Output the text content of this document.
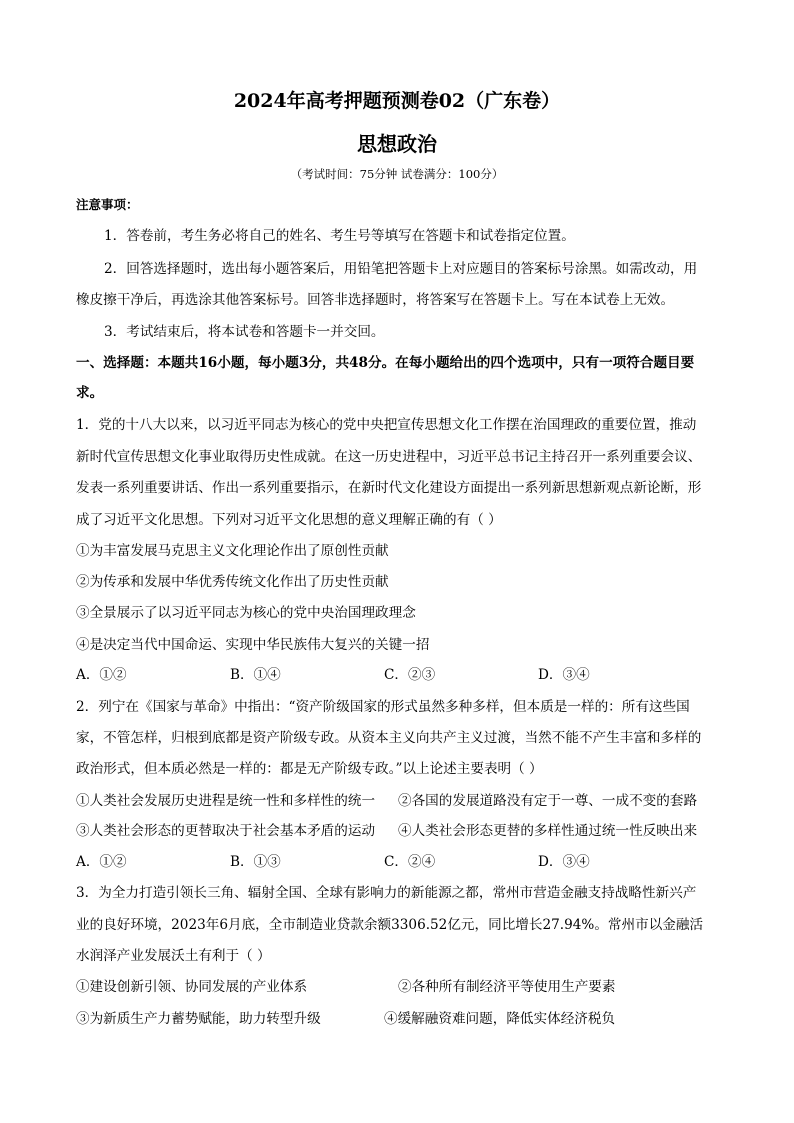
2024年高考押题预测卷02（广东卷）
思想政治
（考试时间：75分钟 试卷满分：100分）
注意事项：
1．答卷前，考生务必将自己的姓名、考生号等填写在答题卡和试卷指定位置。
2．回答选择题时，选出每小题答案后，用铅笔把答题卡上对应题目的答案标号涂黑。如需改动，用
橡皮擦干净后，再选涂其他答案标号。回答非选择题时，将答案写在答题卡上。写在本试卷上无效。
3．考试结束后，将本试卷和答题卡一并交回。
一、选择题：本题共16小题，每小题3分，共48分。在每小题给出的四个选项中，只有一项符合题目要
求。
1．党的十八大以来，以习近平同志为核心的党中央把宣传思想文化工作摆在治国理政的重要位置，推动
新时代宣传思想文化事业取得历史性成就。在这一历史进程中，习近平总书记主持召开一系列重要会议、
发表一系列重要讲话、作出一系列重要指示，在新时代文化建设方面提出一系列新思想新观点新论断，形
成了习近平文化思想。下列对习近平文化思想的意义理解正确的有（ ）
①为丰富发展马克思主义文化理论作出了原创性贡献
②为传承和发展中华优秀传统文化作出了历史性贡献
③全景展示了以习近平同志为核心的党中央治国理政理念
④是决定当代中国命运、实现中华民族伟大复兴的关键一招
A．①②	B．①④	C．②③	D．③④
2．列宁在《国家与革命》中指出：“资产阶级国家的形式虽然多种多样，但本质是一样的：所有这些国
家，不管怎样，归根到底都是资产阶级专政。从资本主义向共产主义过渡，当然不能不产生丰富和多样的
政治形式，但本质必然是一样的：都是无产阶级专政。”以上论述主要表明（ ）
①人类社会发展历史进程是统一性和多样性的统一 ②各国的发展道路没有定于一尊、一成不变的套路
③人类社会形态的更替取决于社会基本矛盾的运动 ④人类社会形态更替的多样性通过统一性反映出来
A．①②	B．①③	C．②④	D．③④
3．为全力打造引领长三角、辐射全国、全球有影响力的新能源之都，常州市营造金融支持战略性新兴产
业的良好环境，2023年6月底，全市制造业贷款余额3306.52亿元，同比增长27.94%。常州市以金融活
水润泽产业发展沃土有利于（ ）
①建设创新引领、协同发展的产业体系	②各种所有制经济平等使用生产要素
③为新质生产力蓄势赋能，助力转型升级	④缓解融资难问题，降低实体经济税负
